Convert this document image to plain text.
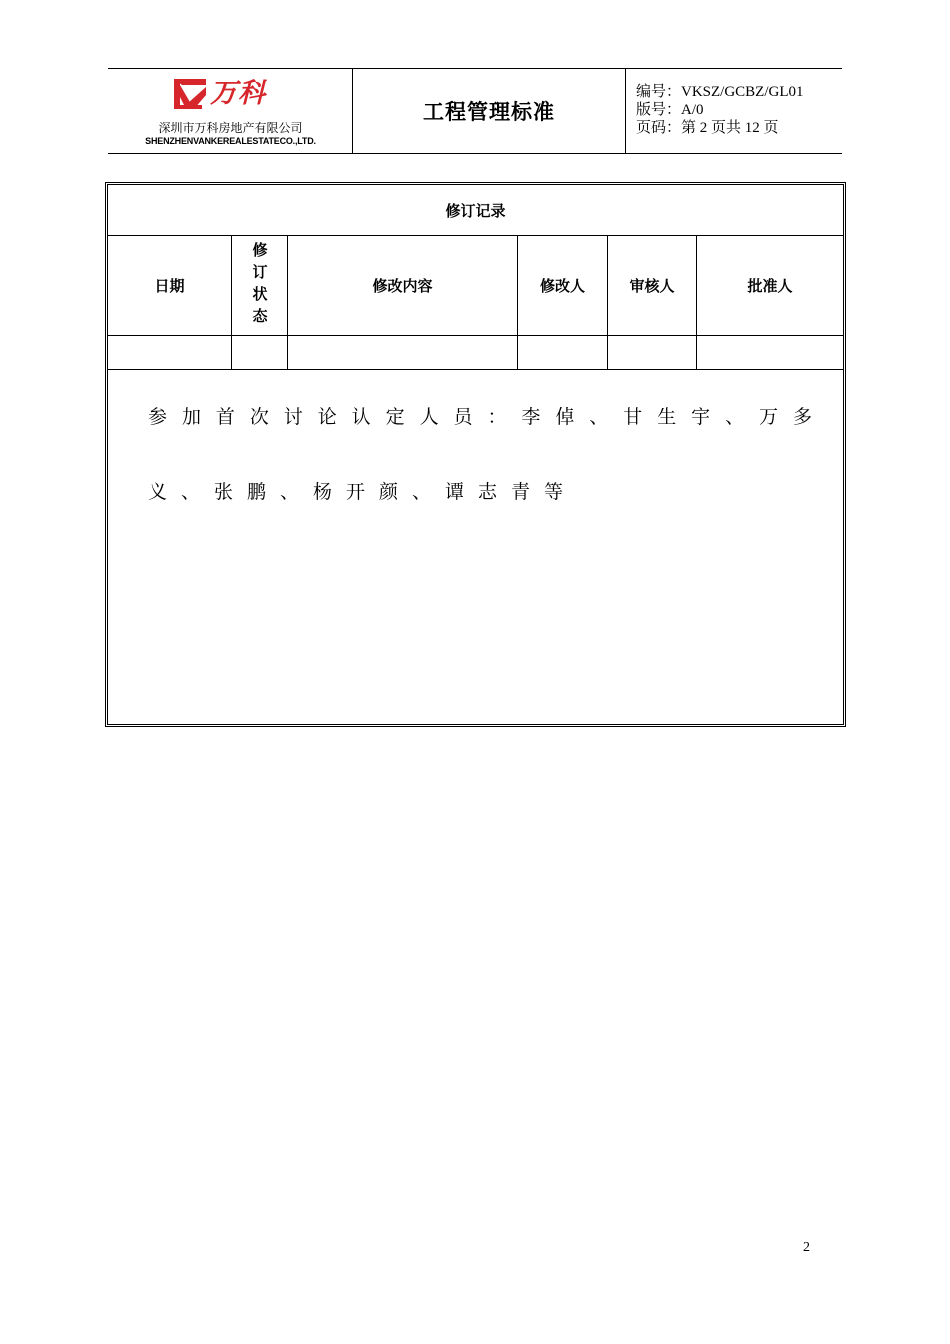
万科
深圳市万科房地产有限公司
SHENZHENVANKEREALESTATECO.,LTD.
工程管理标准
编号：VKSZ/GCBZ/GL01
版号：A/0
页码：第 2 页共 12 页
修订记录
日期	修订状态	修改内容	修改人	审核人	批准人
参加首次讨论认定人员：李倬、甘生宇、万多义、张鹏、杨开颜、谭志青等
2
